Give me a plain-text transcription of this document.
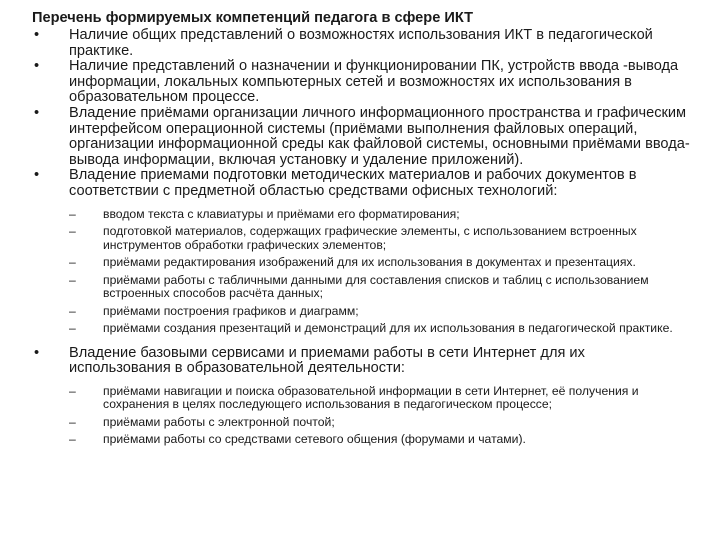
Перечень формируемых компетенций педагога в сфере ИКТ
• Наличие общих представлений о возможностях использования ИКТ в педагогической практике.
• Наличие представлений о назначении и функционировании ПК, устройств ввода -вывода информации, локальных компьютерных сетей и возможностях их использования в образовательном процессе.
• Владение приёмами организации личного информационного пространства и графическим интерфейсом операционной системы (приёмами выполнения файловых операций, организации информационной среды как файловой системы, основными приёмами ввода-вывода информации, включая установку и удаление приложений).
• Владение приемами подготовки методических материалов и рабочих документов в соответствии с предметной областью средствами офисных технологий:
– вводом текста с клавиатуры и приёмами его форматирования;
– подготовкой материалов, содержащих графические элементы, с использованием встроенных инструментов обработки графических элементов;
– приёмами редактирования изображений для их использования в документах и презентациях.
– приёмами работы с табличными данными для составления списков и таблиц с использованием встроенных способов расчёта данных;
– приёмами построения графиков и диаграмм;
– приёмами создания презентаций и демонстраций для их использования в педагогической практике.
• Владение базовыми сервисами и приемами работы в сети Интернет для их использования в образовательной деятельности:
– приёмами навигации и поиска образовательной информации в сети Интернет, её получения и сохранения в целях последующего использования в педагогическом процессе;
– приёмами работы с электронной почтой;
– приёмами работы со средствами сетевого общения (форумами и чатами).
